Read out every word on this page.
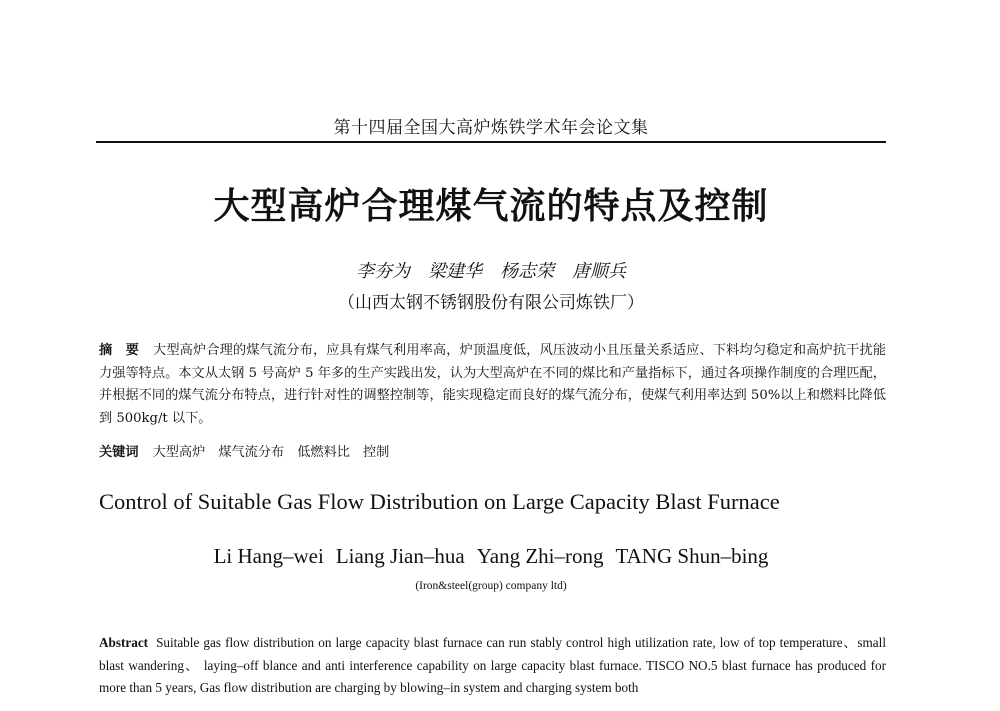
第十四届全国大高炉炼铁学术年会论文集
大型高炉合理煤气流的特点及控制
李夯为 梁建华 杨志荣 唐顺兵
（山西太钢不锈钢股份有限公司炼铁厂）
摘　要 大型高炉合理的煤气流分布，应具有煤气利用率高，炉顶温度低，风压波动小且压量关系适应、下料均匀稳定和高炉抗干扰能力强等特点。本文从太钢 5 号高炉 5 年多的生产实践出发，认为大型高炉在不同的煤比和产量指标下，通过各项操作制度的合理匹配，并根据不同的煤气流分布特点，进行针对性的调整控制等，能实现稳定而良好的煤气流分布，使煤气利用率达到 50%以上和燃料比降低到 500kg/t 以下。
关键词 大型高炉 煤气流分布 低燃料比 控制
Control of Suitable Gas Flow Distribution on Large Capacity Blast Furnace
Li Hang–wei Liang Jian–hua Yang Zhi–rong TANG Shun–bing
(Iron&steel(group) company ltd)
Abstract Suitable gas flow distribution on large capacity blast furnace can run stably control high utilization rate, low of top temperature、small blast wandering、 laying–off blance and anti interference capability on large capacity blast furnace. TISCO NO.5 blast furnace has produced for more than 5 years, Gas flow distribution are charging by blowing–in system and charging system both
